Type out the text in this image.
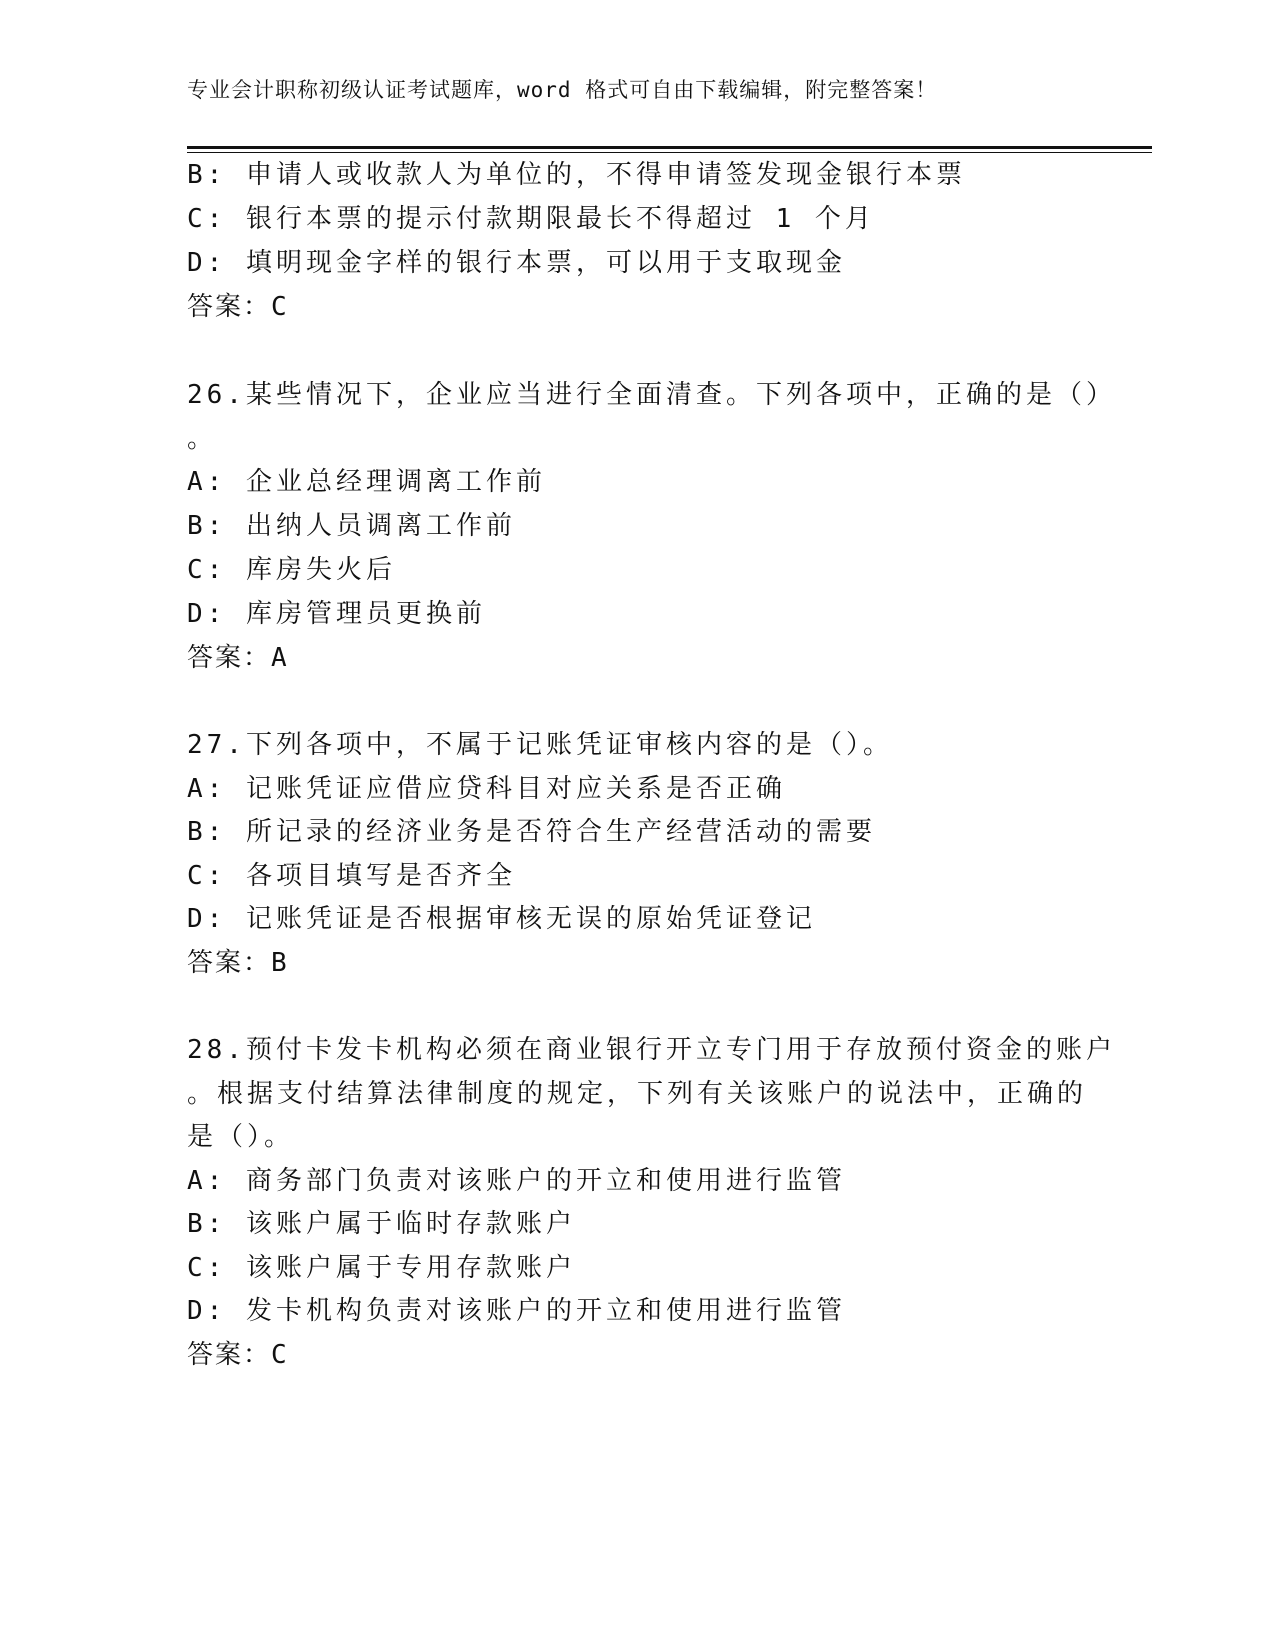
专业会计职称初级认证考试题库，word 格式可自由下载编辑，附完整答案！
B: 申请人或收款人为单位的，不得申请签发现金银行本票
C: 银行本票的提示付款期限最长不得超过 1 个月
D: 填明现金字样的银行本票，可以用于支取现金
答案：C
26.某些情况下，企业应当进行全面清查。下列各项中，正确的是（）
。
A: 企业总经理调离工作前
B: 出纳人员调离工作前
C: 库房失火后
D: 库房管理员更换前
答案：A
27.下列各项中，不属于记账凭证审核内容的是（）。
A: 记账凭证应借应贷科目对应关系是否正确
B: 所记录的经济业务是否符合生产经营活动的需要
C: 各项目填写是否齐全
D: 记账凭证是否根据审核无误的原始凭证登记
答案：B
28.预付卡发卡机构必须在商业银行开立专门用于存放预付资金的账户
。根据支付结算法律制度的规定，下列有关该账户的说法中，正确的
是（）。
A: 商务部门负责对该账户的开立和使用进行监管
B: 该账户属于临时存款账户
C: 该账户属于专用存款账户
D: 发卡机构负责对该账户的开立和使用进行监管
答案：C
